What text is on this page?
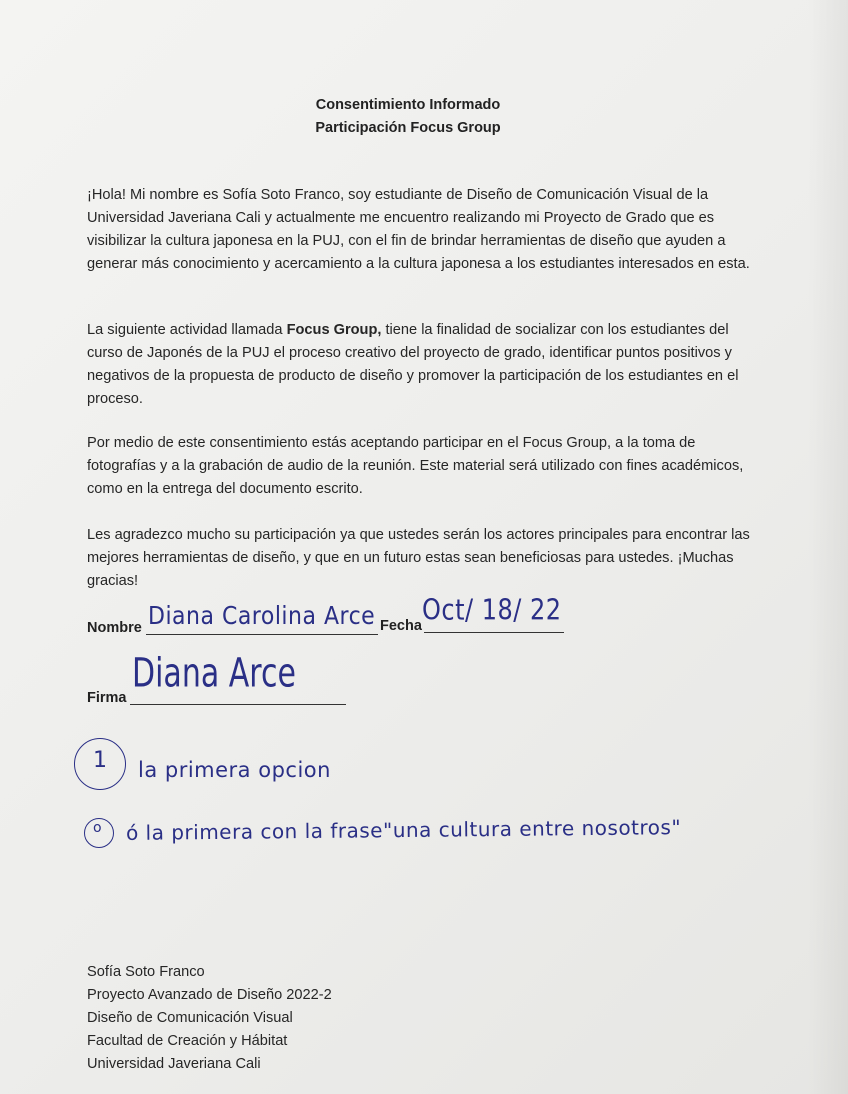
Consentimiento Informado
Participación Focus Group
¡Hola! Mi nombre es Sofía Soto Franco, soy estudiante de Diseño de Comunicación Visual de la Universidad Javeriana Cali y actualmente me encuentro realizando mi Proyecto de Grado que es visibilizar la cultura japonesa en la PUJ, con el fin de brindar herramientas de diseño que ayuden a generar más conocimiento y acercamiento a la cultura japonesa a los estudiantes interesados en esta.
La siguiente actividad llamada Focus Group, tiene la finalidad de socializar con los estudiantes del curso de Japonés de la PUJ el proceso creativo del proyecto de grado, identificar puntos positivos y negativos de la propuesta de producto de diseño y promover la participación de los estudiantes en el proceso.
Por medio de este consentimiento estás aceptando participar en el Focus Group, a la toma de fotografías y a la grabación de audio de la reunión. Este material será utilizado con fines académicos, como en la entrega del documento escrito.
Les agradezco mucho su participación ya que ustedes serán los actores principales para encontrar las mejores herramientas de diseño, y que en un futuro estas sean beneficiosas para ustedes. ¡Muchas gracias!
Nombre Diana Carolina Arce Fecha Oct/ 18/ 22
Firma
Diana Arce
1 la primera opcion
o ó la primera con la frase"una cultura entre nosotros"
Sofía Soto Franco
Proyecto Avanzado de Diseño 2022-2
Diseño de Comunicación Visual
Facultad de Creación y Hábitat
Universidad Javeriana Cali
